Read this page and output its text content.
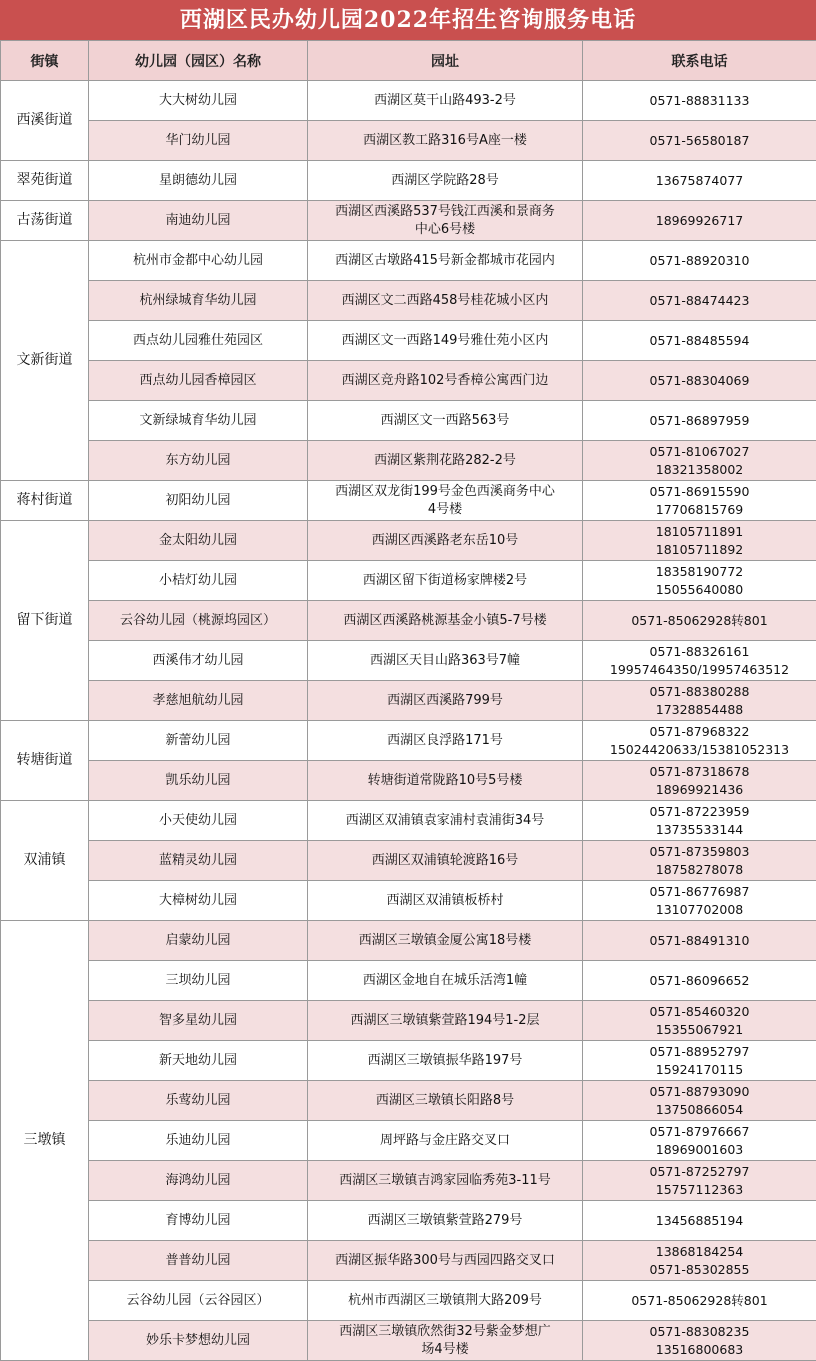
西湖区民办幼儿园2022年招生咨询服务电话
街镇	幼儿园（园区）名称	园址	联系电话
西溪街道	大大树幼儿园	西湖区莫干山路493-2号	0571-88831133

	华门幼儿园	西湖区教工路316号A座一楼	0571-56580187

翠苑街道	星朗德幼儿园	西湖区学院路28号	13675874077

古荡街道	南迪幼儿园	西湖区西溪路537号钱江西溪和景商务
中心6号楼	18969926717

文新街道	杭州市金都中心幼儿园	西湖区古墩路415号新金都城市花园内	0571-88920310

	杭州绿城育华幼儿园	西湖区文二西路458号桂花城小区内	0571-88474423

	西点幼儿园雅仕苑园区	西湖区文一西路149号雅仕苑小区内	0571-88485594

	西点幼儿园香樟园区	西湖区竞舟路102号香樟公寓西门边	0571-88304069

	文新绿城育华幼儿园	西湖区文一西路563号	0571-86897959

	东方幼儿园	西湖区紫荆花路282-2号	0571-81067027
18321358002

蒋村街道	初阳幼儿园	西湖区双龙街199号金色西溪商务中心
4号楼	0571-86915590
17706815769

留下街道	金太阳幼儿园	西湖区西溪路老东岳10号	18105711891
18105711892

	小桔灯幼儿园	西湖区留下街道杨家牌楼2号	18358190772
15055640080

	云谷幼儿园（桃源坞园区）	西湖区西溪路桃源基金小镇5-7号楼	0571-85062928转801

	西溪伟才幼儿园	西湖区天目山路363号7幢	0571-88326161
19957464350/19957463512

	孝慈旭航幼儿园	西湖区西溪路799号	0571-88380288
17328854488

转塘街道	新蕾幼儿园	西湖区良浮路171号	0571-87968322
15024420633/15381052313

	凯乐幼儿园	转塘街道常陇路10号5号楼	0571-87318678
18969921436

双浦镇	小天使幼儿园	西湖区双浦镇袁家浦村袁浦街34号	0571-87223959
13735533144

	蓝精灵幼儿园	西湖区双浦镇轮渡路16号	0571-87359803
18758278078

	大樟树幼儿园	西湖区双浦镇板桥村	0571-86776987
13107702008

三墩镇	启蒙幼儿园	西湖区三墩镇金厦公寓18号楼	0571-88491310

	三坝幼儿园	西湖区金地自在城乐活湾1幢	0571-86096652

	智多星幼儿园	西湖区三墩镇紫萱路194号1-2层	0571-85460320
15355067921

	新天地幼儿园	西湖区三墩镇振华路197号	0571-88952797
15924170115

	乐莺幼儿园	西湖区三墩镇长阳路8号	0571-88793090
13750866054

	乐迪幼儿园	周坪路与金庄路交叉口	0571-87976667
18969001603

	海鸿幼儿园	西湖区三墩镇吉鸿家园临秀苑3-11号	0571-87252797
15757112363

	育博幼儿园	西湖区三墩镇紫萱路279号	13456885194

	普普幼儿园	西湖区振华路300号与西园四路交叉口	13868184254
0571-85302855

	云谷幼儿园（云谷园区）	杭州市西湖区三墩镇荆大路209号	0571-85062928转801

	妙乐卡梦想幼儿园	西湖区三墩镇欣然街32号紫金梦想广
场4号楼	0571-88308235
13516800683
